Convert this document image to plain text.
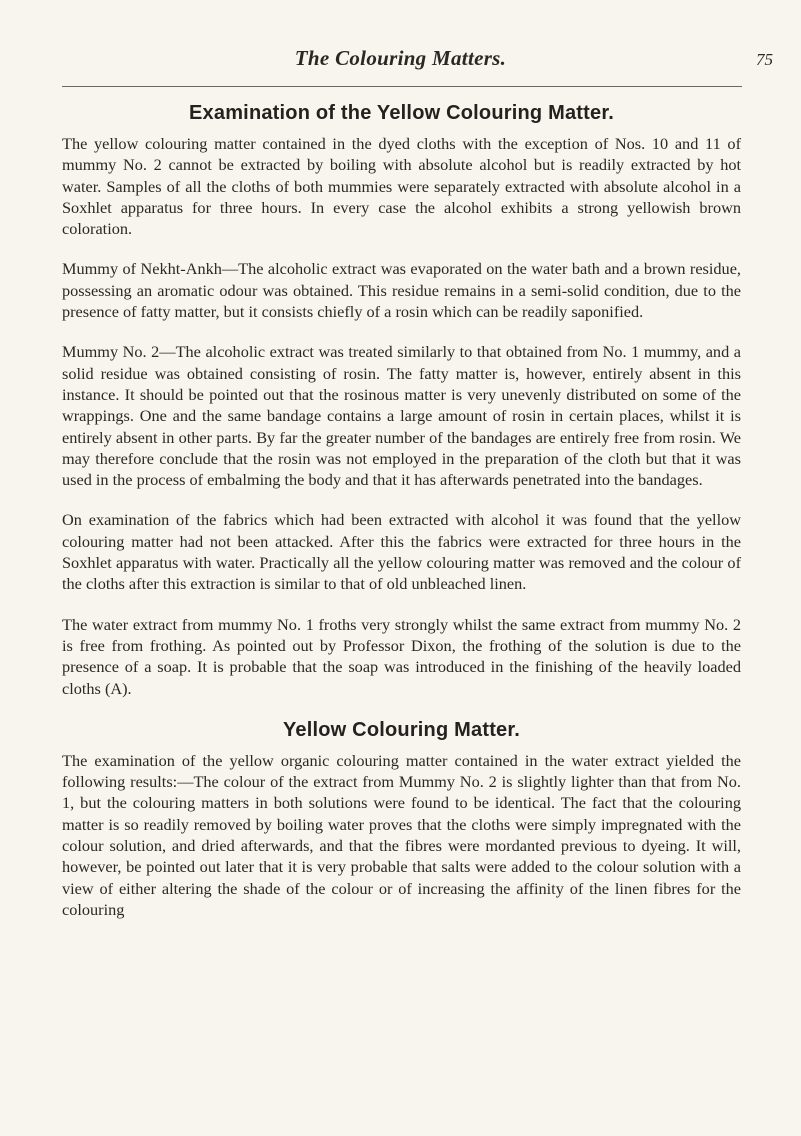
The Colouring Matters.	75
Examination of the Yellow Colouring Matter.

The yellow colouring matter contained in the dyed cloths with the exception of Nos. 10 and 11 of mummy No. 2 cannot be extracted by boiling with absolute alcohol but is readily extracted by hot water. Samples of all the cloths of both mummies were separately extracted with absolute alcohol in a Soxhlet apparatus for three hours. In every case the alcohol exhibits a strong yellowish brown coloration.

Mummy of Nekht-Ankh—The alcoholic extract was evaporated on the water bath and a brown residue, possessing an aromatic odour was obtained. This residue remains in a semi-solid condition, due to the presence of fatty matter, but it consists chiefly of a rosin which can be readily saponified.

Mummy No. 2—The alcoholic extract was treated similarly to that obtained from No. 1 mummy, and a solid residue was obtained consisting of rosin. The fatty matter is, however, entirely absent in this instance. It should be pointed out that the rosinous matter is very unevenly distributed on some of the wrappings. One and the same bandage contains a large amount of rosin in certain places, whilst it is entirely absent in other parts. By far the greater number of the bandages are entirely free from rosin. We may therefore conclude that the rosin was not employed in the preparation of the cloth but that it was used in the process of embalming the body and that it has afterwards penetrated into the bandages.

On examination of the fabrics which had been extracted with alcohol it was found that the yellow colouring matter had not been attacked. After this the fabrics were extracted for three hours in the Soxhlet apparatus with water. Practically all the yellow colouring matter was removed and the colour of the cloths after this extraction is similar to that of old unbleached linen.

The water extract from mummy No. 1 froths very strongly whilst the same extract from mummy No. 2 is free from frothing. As pointed out by Professor Dixon, the frothing of the solution is due to the presence of a soap. It is probable that the soap was introduced in the finishing of the heavily loaded cloths (A).

Yellow Colouring Matter.

The examination of the yellow organic colouring matter contained in the water extract yielded the following results:—The colour of the extract from Mummy No. 2 is slightly lighter than that from No. 1, but the colouring matters in both solutions were found to be identical. The fact that the colouring matter is so readily removed by boiling water proves that the cloths were simply impregnated with the colour solution, and dried afterwards, and that the fibres were mordanted previous to dyeing. It will, however, be pointed out later that it is very probable that salts were added to the colour solution with a view of either altering the shade of the colour or of increasing the affinity of the linen fibres for the colouring
